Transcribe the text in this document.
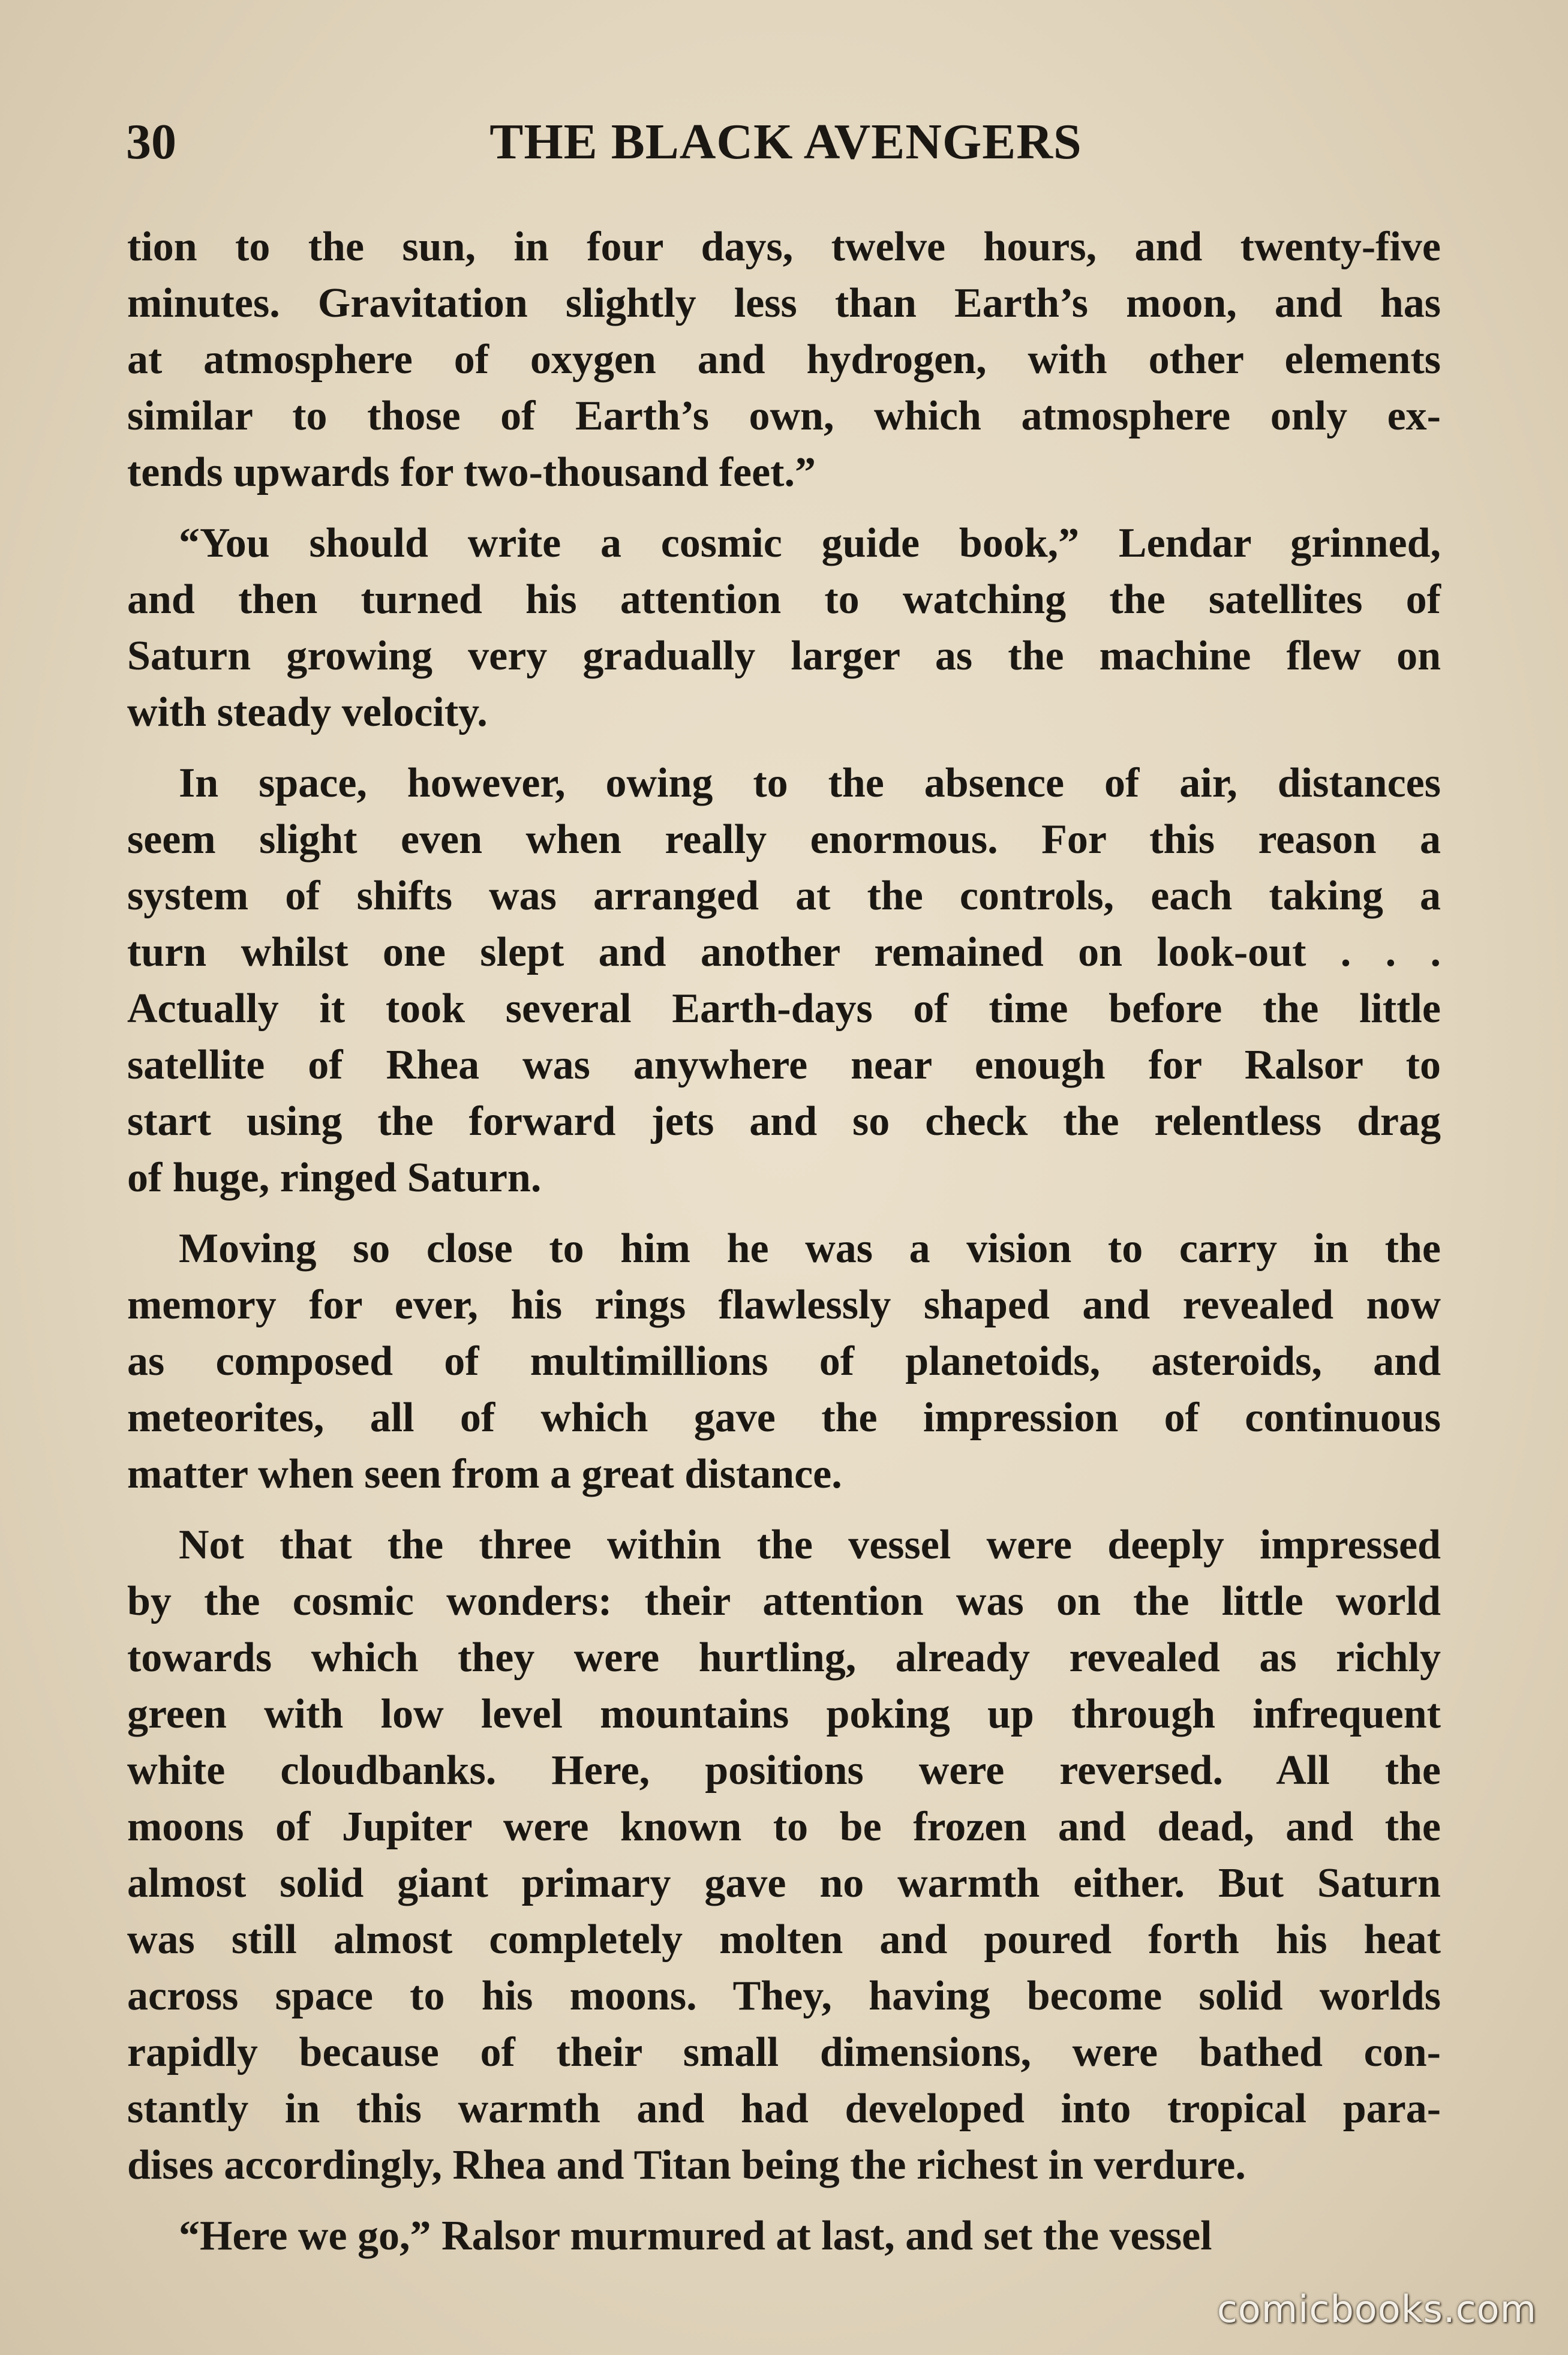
30	THE BLACK AVENGERS

tion to the sun, in four days, twelve hours, and twenty-five
minutes. Gravitation slightly less than Earth’s moon, and has
at atmosphere of oxygen and hydrogen, with other elements
similar to those of Earth’s own, which atmosphere only ex-
tends upwards for two-thousand feet.”

“You should write a cosmic guide book,” Lendar grinned,
and then turned his attention to watching the satellites of
Saturn growing very gradually larger as the machine flew on
with steady velocity.

In space, however, owing to the absence of air, distances
seem slight even when really enormous. For this reason a
system of shifts was arranged at the controls, each taking a
turn whilst one slept and another remained on look-out . . .
Actually it took several Earth-days of time before the little
satellite of Rhea was anywhere near enough for Ralsor to
start using the forward jets and so check the relentless drag
of huge, ringed Saturn.

Moving so close to him he was a vision to carry in the
memory for ever, his rings flawlessly shaped and revealed now
as composed of multimillions of planetoids, asteroids, and
meteorites, all of which gave the impression of continuous
matter when seen from a great distance.

Not that the three within the vessel were deeply impressed
by the cosmic wonders: their attention was on the little world
towards which they were hurtling, already revealed as richly
green with low level mountains poking up through infrequent
white cloudbanks. Here, positions were reversed. All the
moons of Jupiter were known to be frozen and dead, and the
almost solid giant primary gave no warmth either. But Saturn
was still almost completely molten and poured forth his heat
across space to his moons. They, having become solid worlds
rapidly because of their small dimensions, were bathed con-
stantly in this warmth and had developed into tropical para-
dises accordingly, Rhea and Titan being the richest in verdure.

“Here we go,” Ralsor murmured at last, and set the vessel

comicbooks.com
